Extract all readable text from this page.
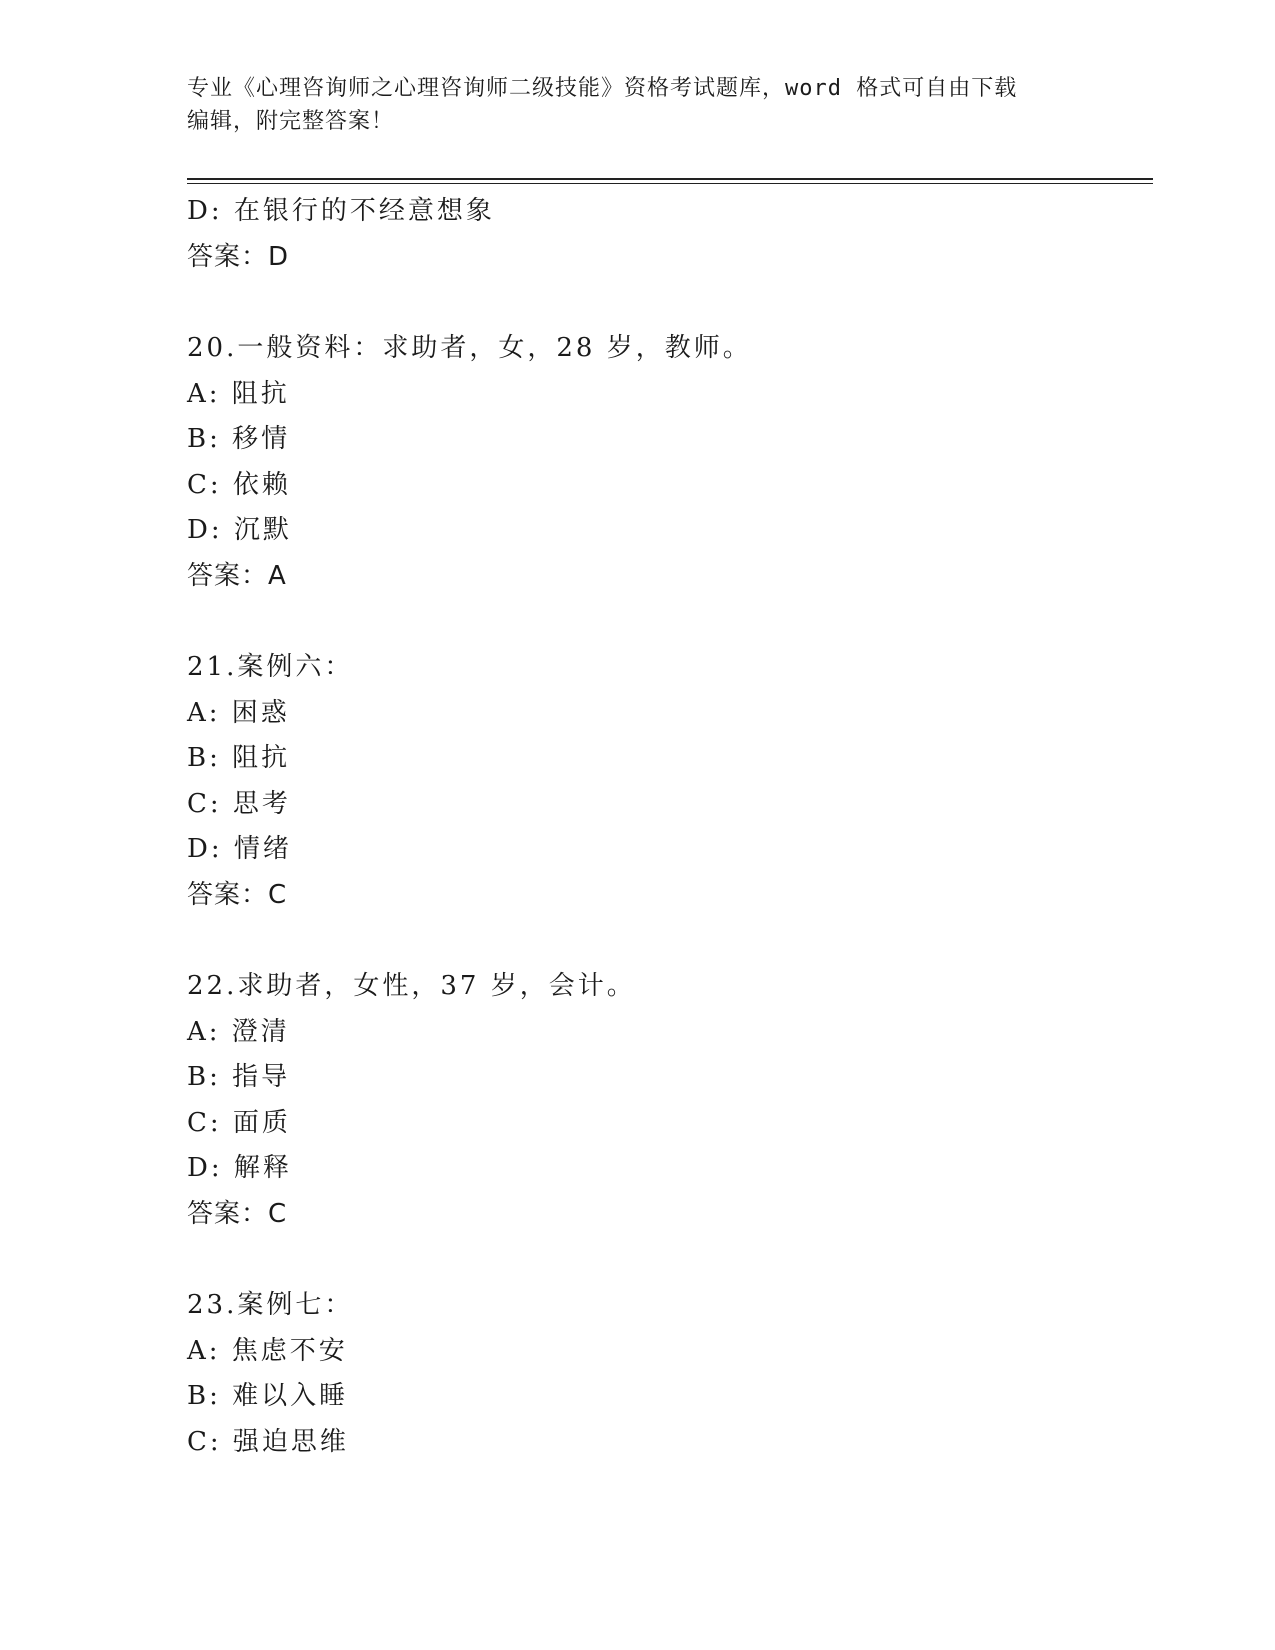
专业《心理咨询师之心理咨询师二级技能》资格考试题库，word 格式可自由下载
编辑，附完整答案！
D: 在银行的不经意想象
答案：D
20.一般资料：求助者，女，28 岁，教师。
A: 阻抗
B: 移情
C: 依赖
D: 沉默
答案：A
21.案例六：
A: 困惑
B: 阻抗
C: 思考
D: 情绪
答案：C
22.求助者，女性，37 岁，会计。
A: 澄清
B: 指导
C: 面质
D: 解释
答案：C
23.案例七：
A: 焦虑不安
B: 难以入睡
C: 强迫思维
